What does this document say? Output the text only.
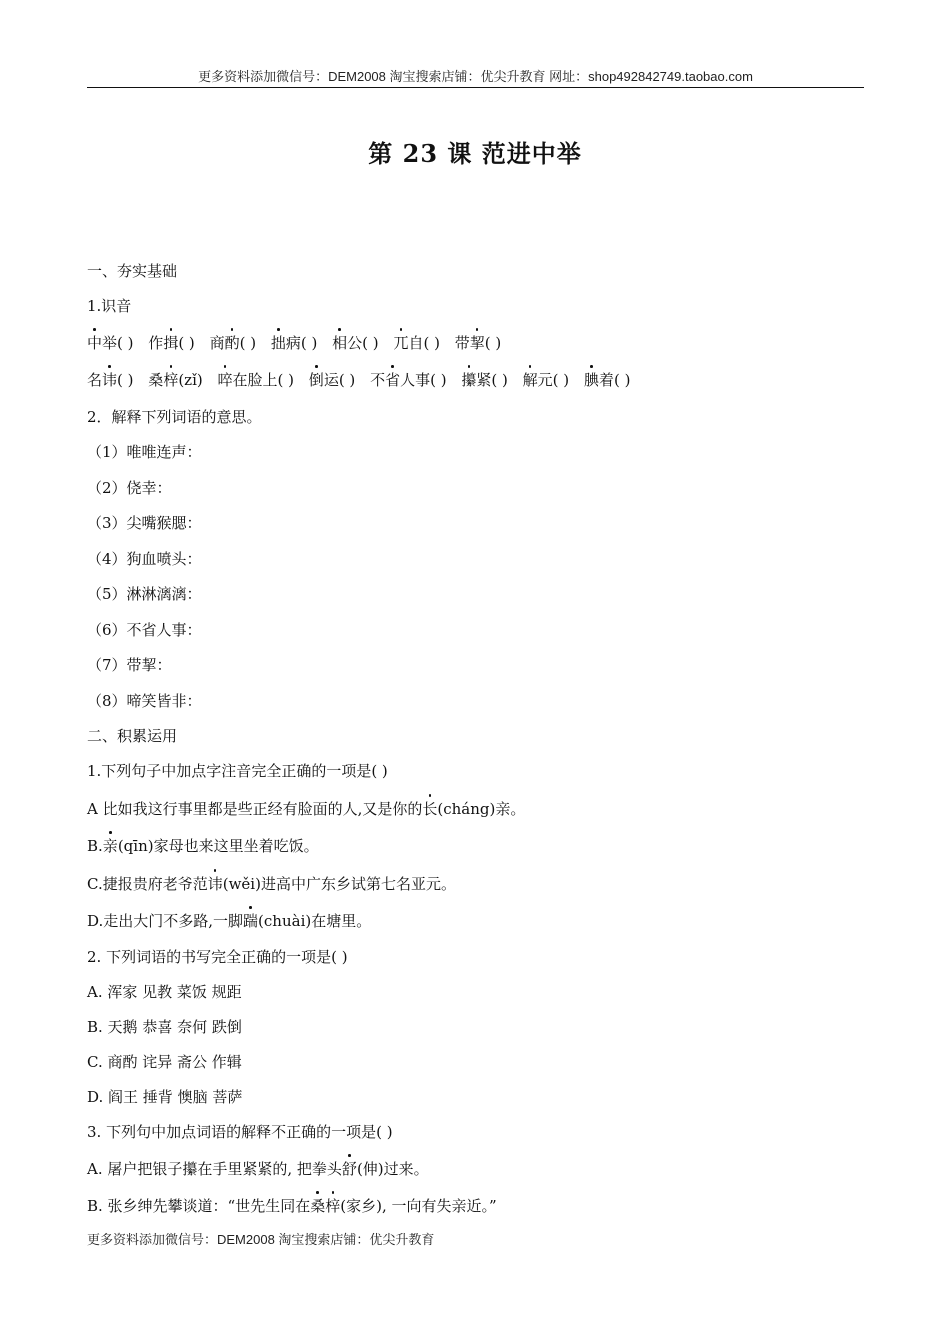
更多资料添加微信号：DEM2008 淘宝搜索店铺：优尖升教育 网址：shop492842749.taobao.com
第 23 课 范进中举
一、夯实基础
1.识音
中举( ) 作揖( ) 商酌( ) 拙病( ) 相公( ) 兀自( ) 带挈( )
名讳( ) 桑梓(zǐ) 啐在脸上( ) 倒运( ) 不省人事( ) 攥紧( ) 解元( ) 腆着( )
2．解释下列词语的意思。
（1）唯唯连声：
（2）侥幸：
（3）尖嘴猴腮：
（4）狗血喷头：
（5）淋淋漓漓：
（6）不省人事：
（7）带挈：
（8）啼笑皆非：
二、积累运用
1.下列句子中加点字注音完全正确的一项是( )
A 比如我这行事里都是些正经有脸面的人,又是你的长(cháng)亲。
B.亲(qīn)家母也来这里坐着吃饭。
C.捷报贵府老爷范讳(wěi)进高中广东乡试第七名亚元。
D.走出大门不多路,一脚踹(chuài)在塘里。
2. 下列词语的书写完全正确的一项是( )
A. 浑家 见教 菜饭 规距
B. 天鹅 恭喜 奈何 跌倒
C. 商酌 诧异 斋公 作辑
D. 阎王 捶背 懊脑 菩萨
3. 下列句中加点词语的解释不正确的一项是( )
A. 屠户把银子攥在手里紧紧的, 把拳头舒(伸)过来。
B. 张乡绅先攀谈道：“世先生同在桑梓(家乡), 一向有失亲近。”
更多资料添加微信号：DEM2008 淘宝搜索店铺：优尖升教育
